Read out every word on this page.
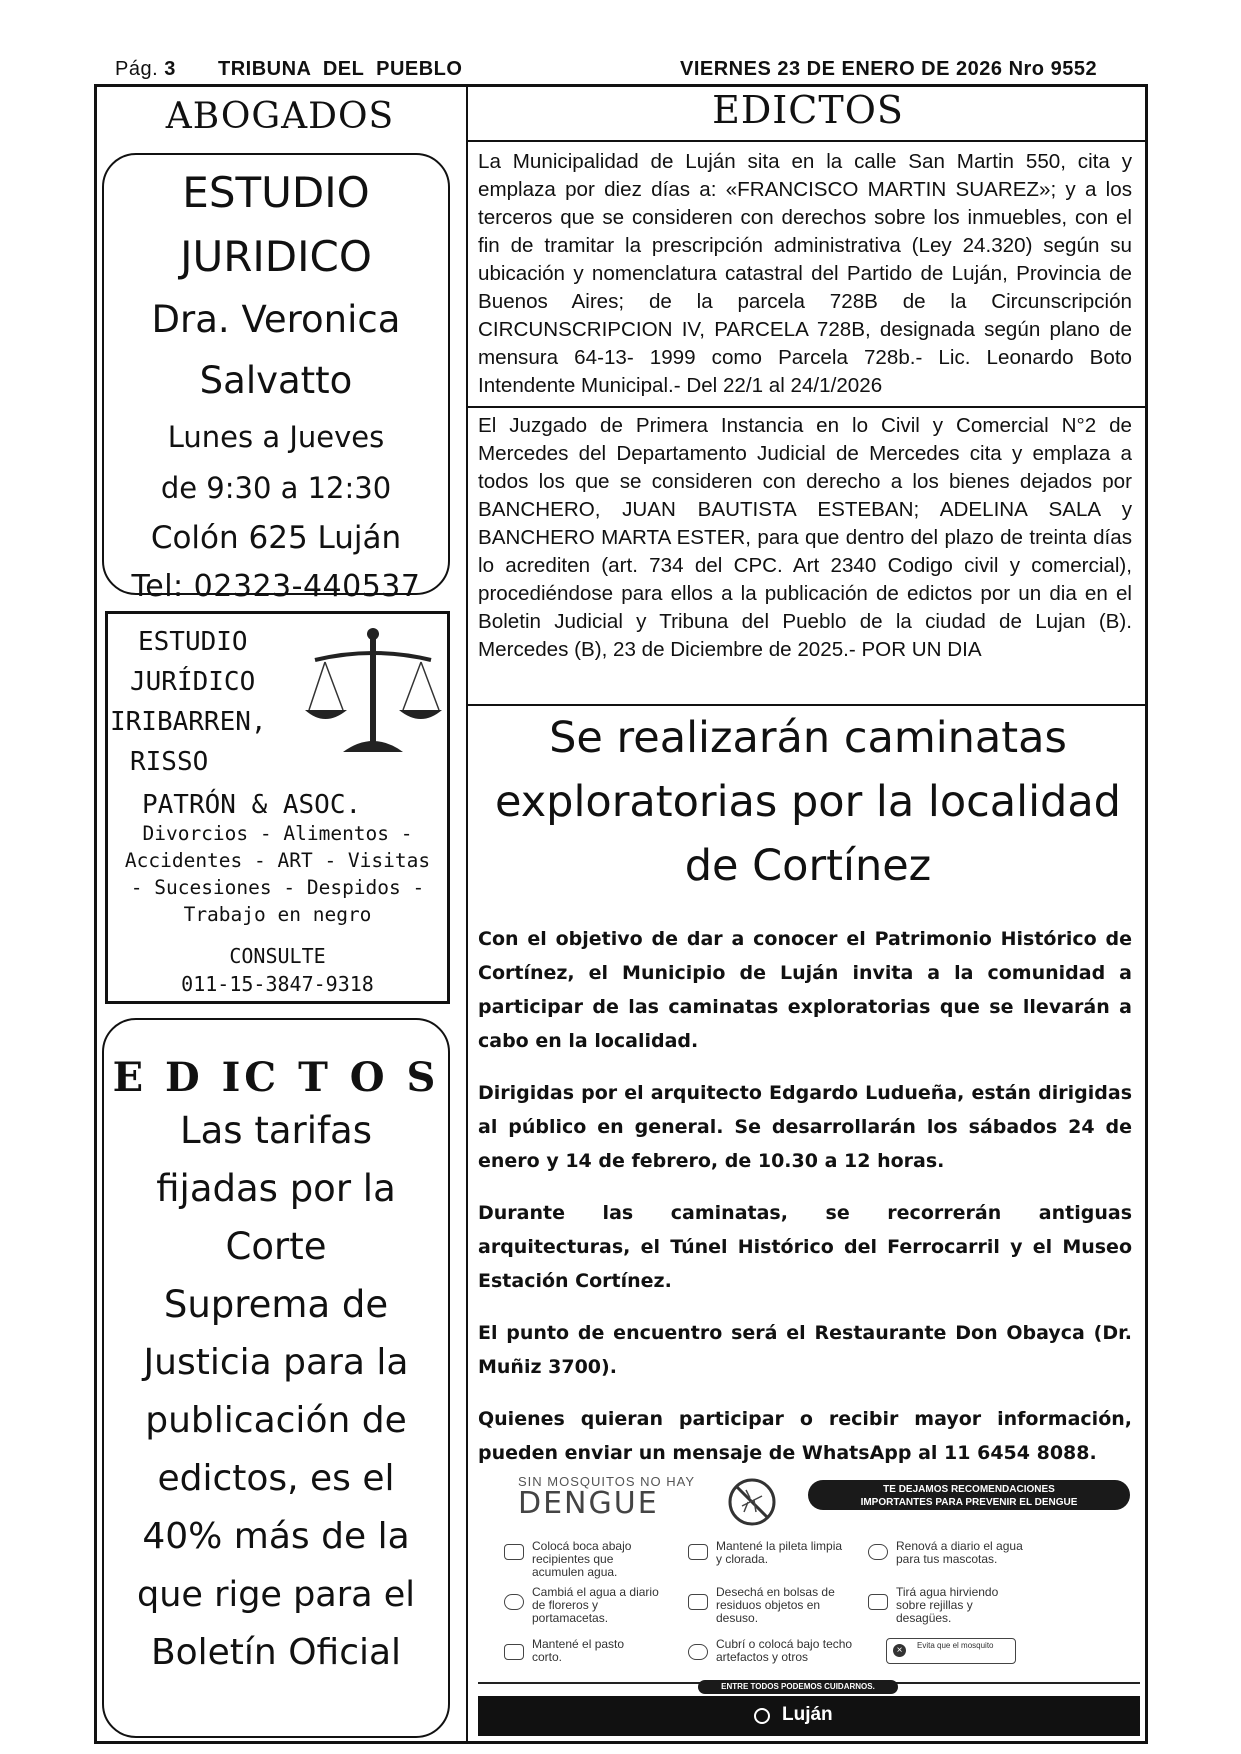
Pág. 3 TRIBUNA  DEL  PUEBLO	VIERNES 23 DE ENERO DE 2026 Nro 9552
ABOGADOS
ESTUDIO
JURIDICO
Dra. Veronica
Salvatto
Lunes a Jueves
de 9:30 a 12:30
Colón 625 Luján
Tel: 02323-440537
ESTUDIO
JURÍDICO
IRIBARREN,
RISSO
PATRÓN & ASOC.
Divorcios - Alimentos -
Accidentes - ART - Visitas
- Sucesiones - Despidos -
Trabajo en negro
CONSULTE
011-15-3847-9318
E D IC T O S
Las tarifas
fijadas por la
Corte
Suprema de
Justicia para la
publicación de
edictos, es el
40% más de la
que rige para el
Boletín Oficial
EDICTOS
La Municipalidad de Luján sita en la calle San Martin 550, cita y emplaza por diez días a: «FRANCISCO MARTIN SUAREZ»; y a los terceros que se consideren con derechos sobre los inmuebles, con el fin de tramitar la prescripción administrativa (Ley 24.320) según su ubicación y nomenclatura catastral del Partido de Luján, Provincia de Buenos Aires; de la parcela 728B de la Circunscripción CIRCUNSCRIPCION IV, PARCELA 728B, designada según plano de mensura 64-13- 1999 como Parcela 728b.- Lic. Leonardo Boto Intendente Municipal.- Del 22/1 al 24/1/2026
El Juzgado de Primera Instancia en lo Civil y Comercial N°2 de Mercedes del Departamento Judicial de Mercedes cita y emplaza a todos los que se consideren con derecho a los bienes dejados por BANCHERO, JUAN BAUTISTA ESTEBAN; ADELINA SALA y BANCHERO MARTA ESTER, para que dentro del plazo de treinta días lo acrediten (art. 734 del CPC. Art 2340 Codigo civil y comercial), procediéndose para ellos a la publicación de edictos por un dia en el Boletin Judicial y Tribuna del Pueblo de la ciudad de Lujan (B). Mercedes (B), 23 de Diciembre de 2025.- POR UN DIA
Se realizarán caminatas
exploratorias por la localidad
de Cortínez

Con el objetivo de dar a conocer el Patrimonio Histórico de Cortínez, el Municipio de Luján invita a la comunidad a participar de las caminatas exploratorias que se llevarán a cabo en la localidad.

Dirigidas por el arquitecto Edgardo Ludueña, están dirigidas al público en general. Se desarrollarán los sábados 24 de enero y 14 de febrero, de 10.30 a 12 horas.

Durante las caminatas, se recorrerán antiguas arquitecturas, el Túnel Histórico del Ferrocarril y el Museo Estación Cortínez.

El punto de encuentro será el Restaurante Don Obayca (Dr. Muñiz 3700).

Quienes quieran participar o recibir mayor información, pueden enviar un mensaje de WhatsApp al 11 6454 8088.

SIN MOSQUITOS NO HAY
DENGUE	TE DEJAMOS RECOMENDACIONES
IMPORTANTES PARA PREVENIR EL DENGUE
Colocá boca abajo recipientes que acumulen agua.
Mantené la pileta limpia y clorada.
Renová a diario el agua para tus mascotas.
Cambiá el agua a diario de floreros y portamacetas.
Desechá en bolsas de residuos objetos en desuso.
Tirá agua hirviendo sobre rejillas y desagües.
Mantené el pasto corto.
Cubrí o colocá bajo techo artefactos y otros	×	Evita que el mosquito
ENTRE TODOS PODEMOS CUIDARNOS.
Luján
